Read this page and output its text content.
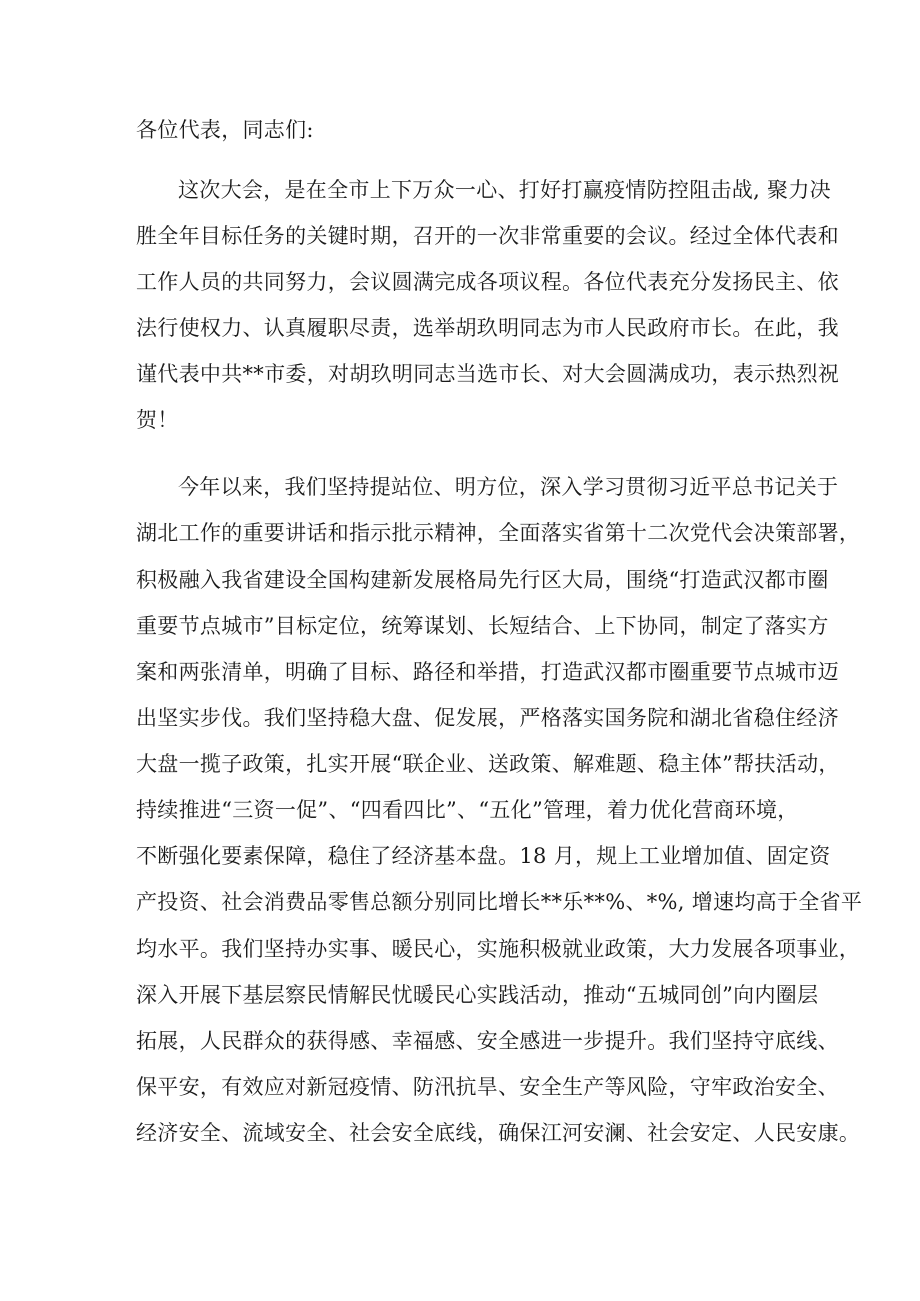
各位代表，同志们:
这次大会，是在全市上下万众一心、打好打赢疫情防控阻击战, 聚力决
胜全年目标任务的关键时期，召开的一次非常重要的会议。经过全体代表和
工作人员的共同努力，会议圆满完成各项议程。各位代表充分发扬民主、依
法行使权力、认真履职尽责，选举胡玖明同志为市人民政府市长。在此，我
谨代表中共**市委，对胡玖明同志当选市长、对大会圆满成功，表示热烈祝
贺！
今年以来，我们坚持提站位、明方位，深入学习贯彻习近平总书记关于
湖北工作的重要讲话和指示批示精神，全面落实省第十二次党代会决策部署，
积极融入我省建设全国构建新发展格局先行区大局，围绕“打造武汉都市圈
重要节点城市”目标定位，统筹谋划、长短结合、上下协同，制定了落实方
案和两张清单，明确了目标、路径和举措，打造武汉都市圈重要节点城市迈
出坚实步伐。我们坚持稳大盘、促发展，严格落实国务院和湖北省稳住经济
大盘一揽子政策，扎实开展“联企业、送政策、解难题、稳主体”帮扶活动，
持续推进“三资一促”、“四看四比”、“五化”管理，着力优化营商环境，
不断强化要素保障，稳住了经济基本盘。18 月，规上工业增加值、固定资
产投资、社会消费品零售总额分别同比增长**乐**%、*%, 增速均高于全省平
均水平。我们坚持办实事、暖民心，实施积极就业政策，大力发展各项事业，
深入开展下基层察民情解民忧暖民心实践活动，推动“五城同创”向内圈层
拓展，人民群众的获得感、幸福感、安全感进一步提升。我们坚持守底线、
保平安，有效应对新冠疫情、防汛抗旱、安全生产等风险，守牢政治安全、
经济安全、流域安全、社会安全底线，确保江河安澜、社会安定、人民安康。
